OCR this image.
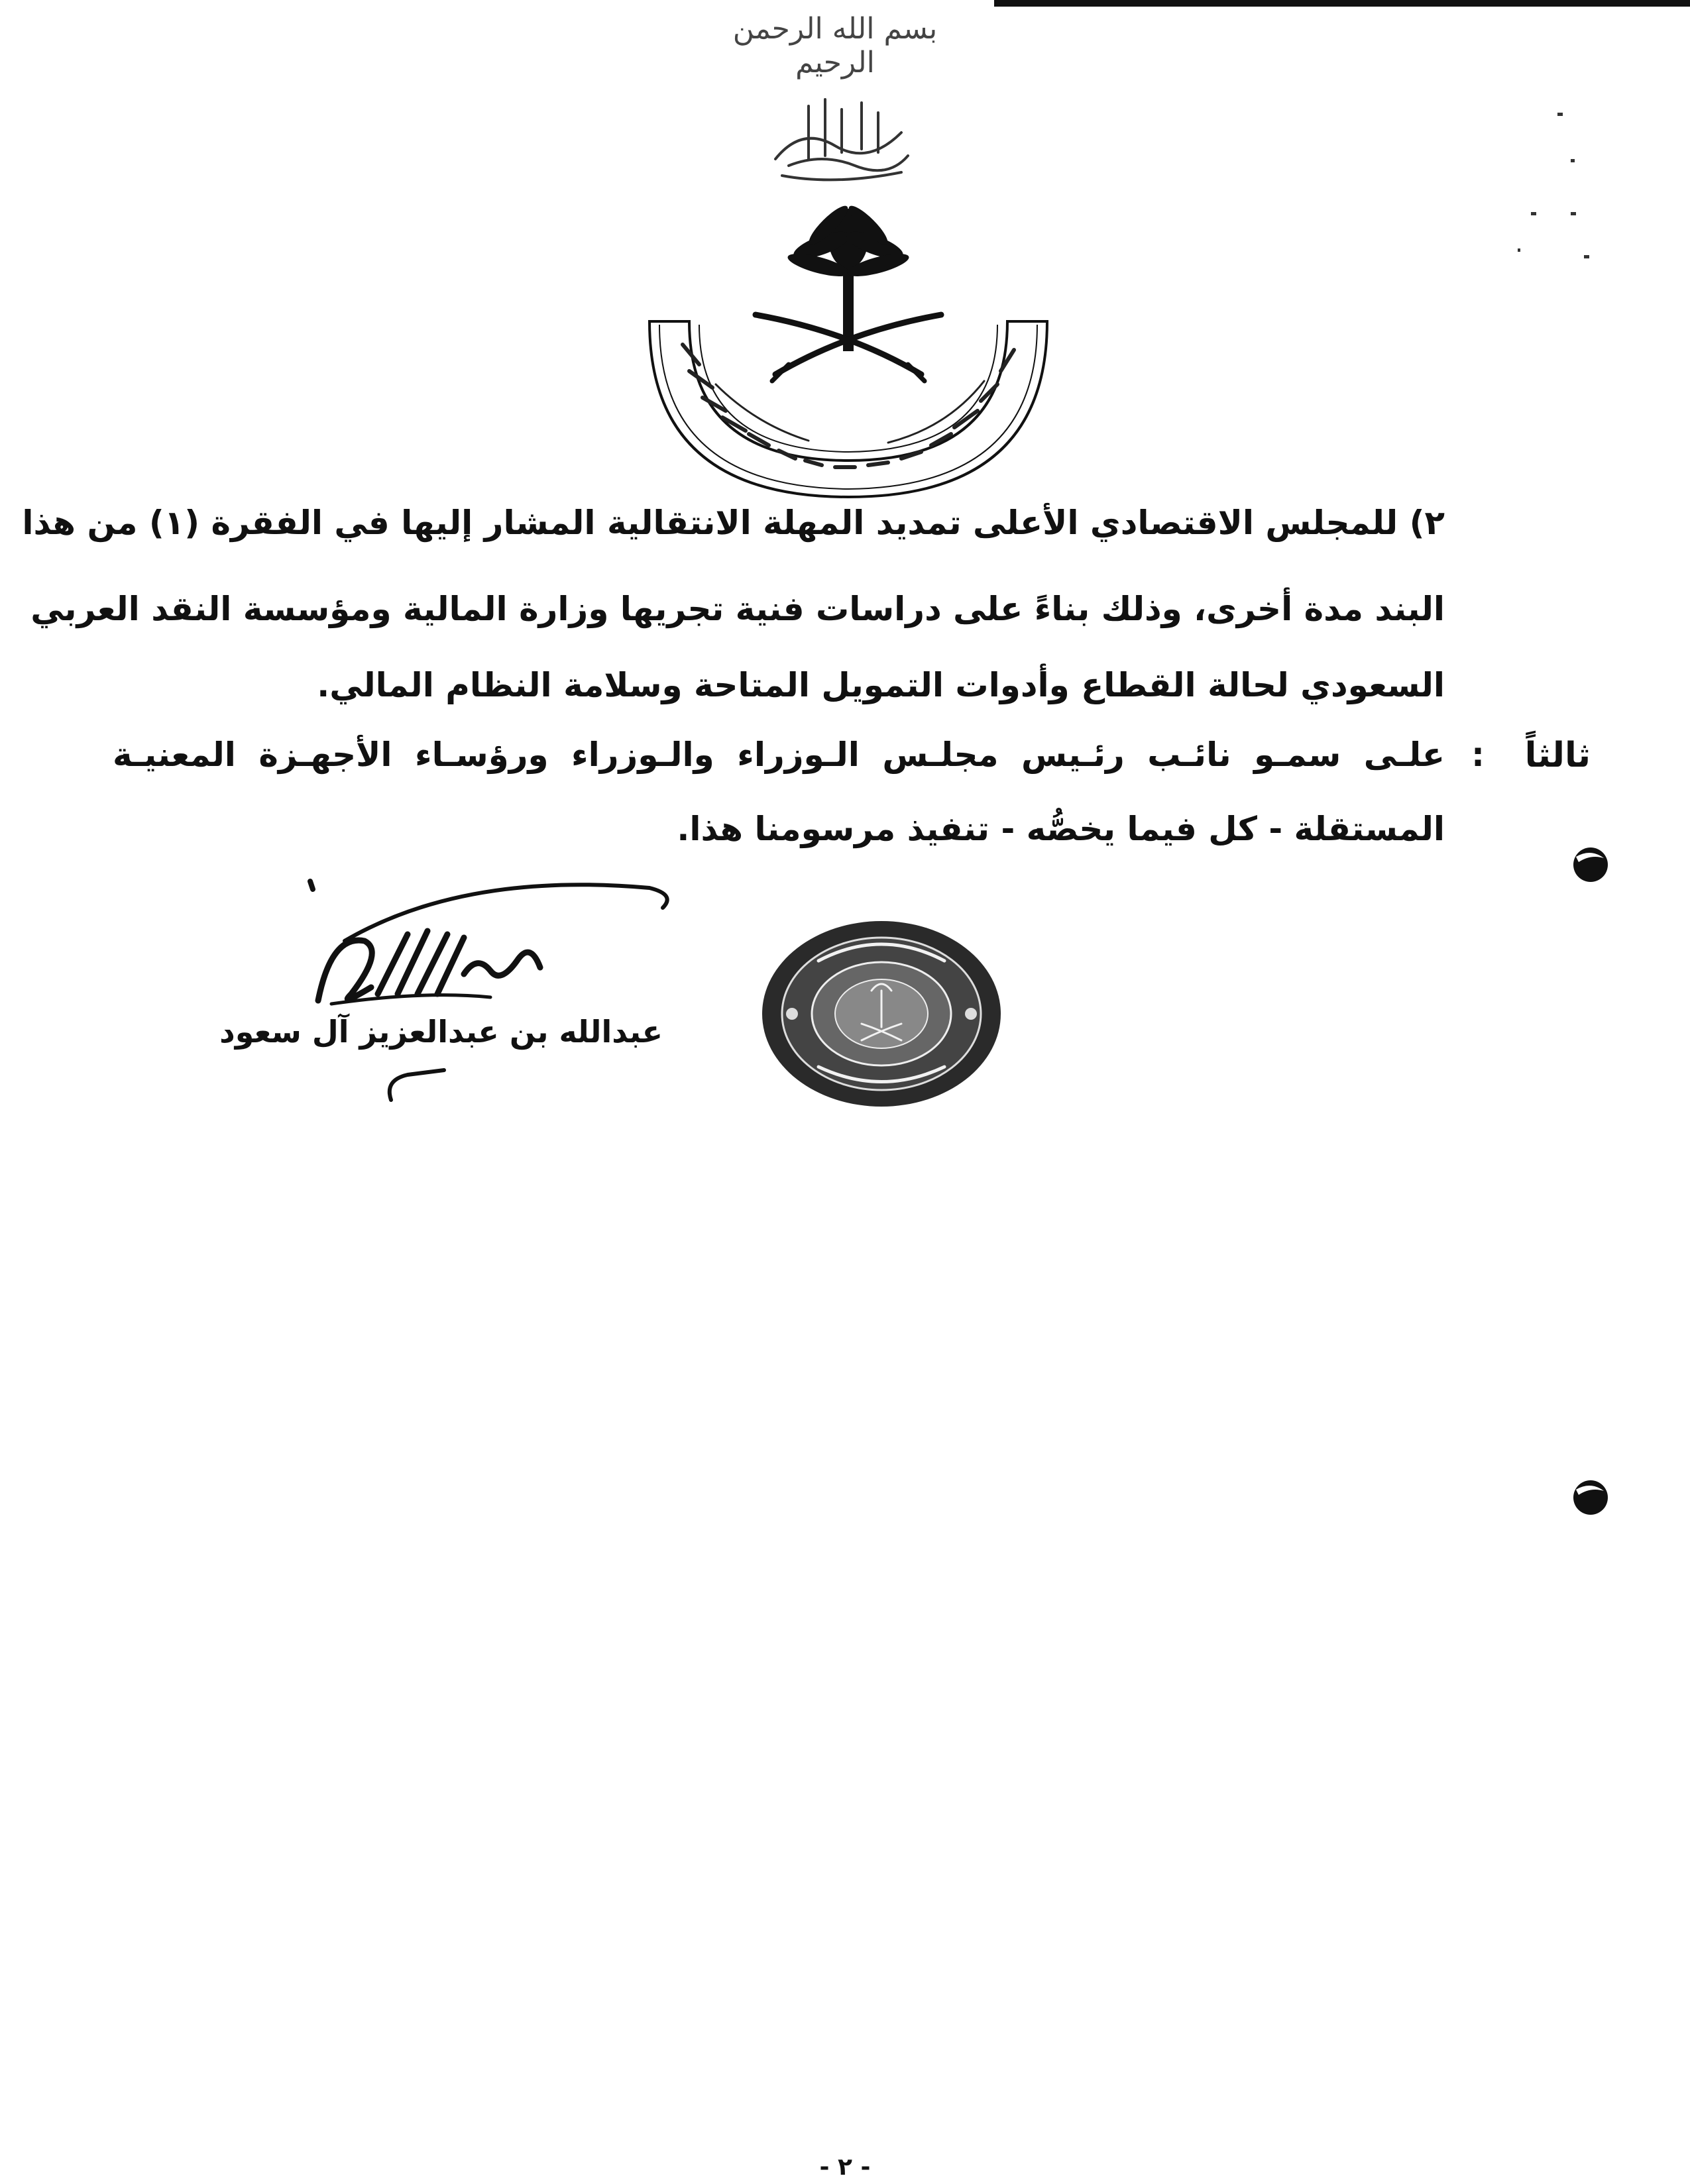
بسم الله الرحمن الرحيم
٢) للمجلس الاقتصادي الأعلى تمديد المهلة الانتقالية المشار إليها في الفقرة (١) من هذا
البند مدة أخرى، وذلك بناءً على دراسات فنية تجريها وزارة المالية ومؤسسة النقد العربي
السعودي لحالة القطاع وأدوات التمويل المتاحة وسلامة النظام المالي.
ثالثاً
:
علـى سمـو نائـب رئـيس مجلـس الـوزراء والـوزراء ورؤسـاء الأجهـزة المعنيـة
المستقلة - كل فيما يخصُّه - تنفيذ مرسومنا هذا.
عبدالله بن عبدالعزيز آل سعود
- ٢ -
